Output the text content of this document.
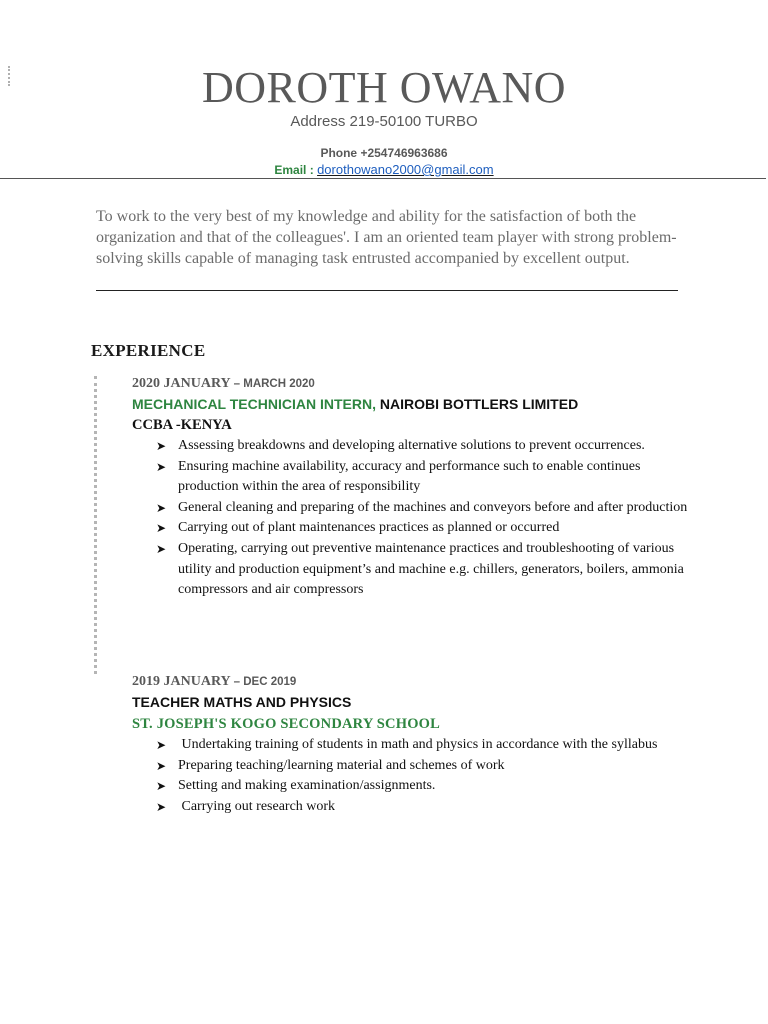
DOROTH OWANO
Address 219-50100 TURBO
Phone +254746963686
Email : dorothowano2000@gmail.com
To work to the very best of my knowledge and ability for the satisfaction of both the organization and that of the colleagues'. I am an oriented team player with strong problem-solving skills capable of managing task entrusted accompanied by excellent output.
EXPERIENCE
2020 JANUARY – MARCH 2020
MECHANICAL TECHNICIAN INTERN, NAIROBI BOTTLERS LIMITED
CCBA -KENYA
➤ Assessing breakdowns and developing alternative solutions to prevent occurrences.
➤ Ensuring machine availability, accuracy and performance such to enable continues production within the area of responsibility
➤ General cleaning and preparing of the machines and conveyors before and after production
➤ Carrying out of plant maintenances practices as planned or occurred
➤ Operating, carrying out preventive maintenance practices and troubleshooting of various utility and production equipment’s and machine e.g. chillers, generators, boilers, ammonia compressors and air compressors
2019 JANUARY – DEC 2019
TEACHER MATHS AND PHYSICS
ST. JOSEPH'S KOGO SECONDARY SCHOOL
➤ Undertaking training of students in math and physics in accordance with the syllabus
➤ Preparing teaching/learning material and schemes of work
➤ Setting and making examination/assignments.
➤ Carrying out research work
